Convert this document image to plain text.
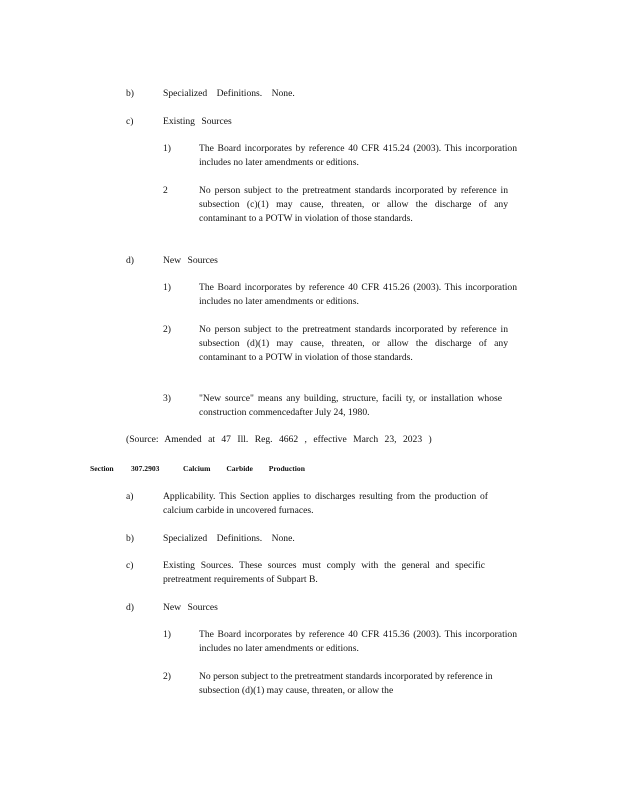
b)	Specialized Definitions. None.
c)	Existing Sources
1)	The Board incorporates by reference 40 CFR 415.24 (2003). This incorporation includes no later amendments or editions.
2	No person subject to the pretreatment standards incorporated by reference in subsection (c)(1) may cause, threaten, or allow the discharge of any contaminant to a POTW in violation of those standards.
d)	New Sources
1)	The Board incorporates by reference 40 CFR 415.26 (2003). This incorporation includes no later amendments or editions.
2)	No person subject to the pretreatment standards incorporated by reference in subsection (d)(1) may cause, threaten, or allow the discharge of any contaminant to a POTW in violation of those standards.
3)	"New source" means any building, structure, facili ty, or installation whose construction commencedafter July 24, 1980.
(Source: Amended at 47 Ill. Reg. 4662 , effective March 23, 2023 )
Section 307.2903	Calcium Carbide Production
a)	Applicability. This Section applies to discharges resulting from the production of calcium carbide in uncovered furnaces.
b)	Specialized Definitions. None.
c)	Existing Sources. These sources must comply with the general and specific pretreatment requirements of Subpart B.
d)	New Sources
1)	The Board incorporates by reference 40 CFR 415.36 (2003). This incorporation includes no later amendments or editions.
2)	No person subject to the pretreatment standards incorporated by reference in subsection (d)(1) may cause, threaten, or allow the
